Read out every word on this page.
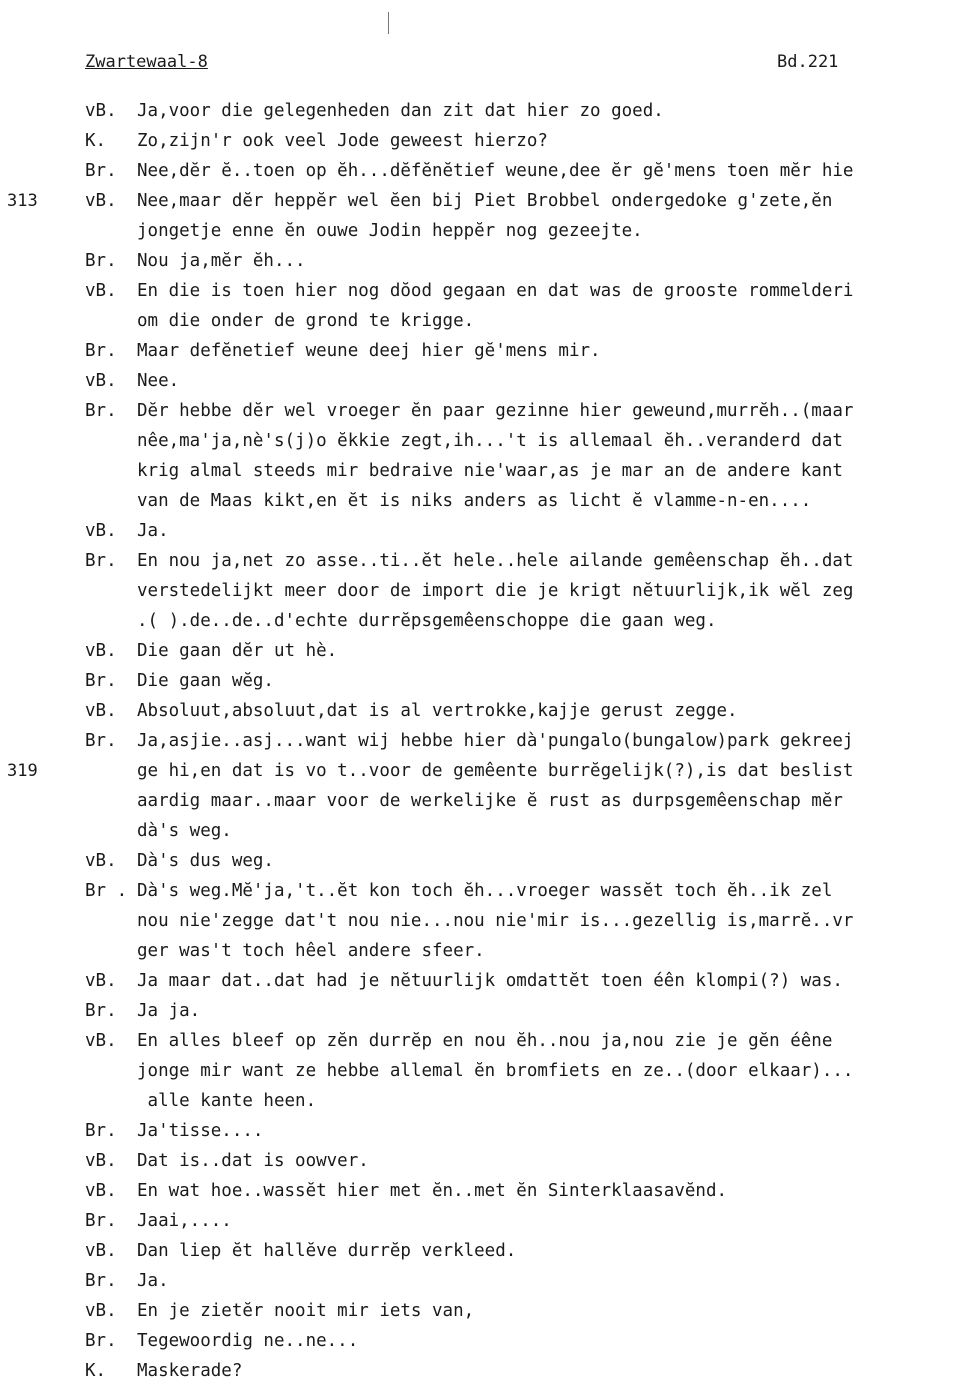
Zwartewaal-8	Bd.221
vB.	Ja,voor die gelegenheden dan zit dat hier zo goed.
K.	Zo,zijn'r ook veel Jode geweest hierzo?
Br.	Nee,dĕr ĕ..toen op ĕh...dĕfĕnĕtief weune,dee ĕr gĕ'mens toen mĕr hie
313	vB.	Nee,maar dĕr heppĕr wel ĕen bij Piet Brobbel ondergedoke g'zete,ĕn
jongetje enne ĕn ouwe Jodin heppĕr nog gezeejte.
Br.	Nou ja,mĕr ĕh...
vB.	En die is toen hier nog dŏod gegaan en dat was de grooste rommelderi
om die onder de grond te krigge.
Br.	Maar defĕnetief weune deej hier gĕ'mens mir.
vB.	Nee.
Br.	Dĕr hebbe dĕr wel vroeger ĕn paar gezinne hier geweund,murrĕh..(maar
nêe,ma'ja,nè's(j)o ĕkkie zegt,ih...'t is allemaal ĕh..veranderd dat
krig almal steeds mir bedraive nie'waar,as je mar an de andere kant
van de Maas kikt,en ĕt is niks anders as licht ĕ vlamme-n-en....
vB.	Ja.
Br.	En nou ja,net zo asse..ti..ĕt hele..hele ailande gemêenschap ĕh..dat
verstedelijkt meer door de import die je krigt nĕtuurlijk,ik wĕl zeg
.( ).de..de..d'echte durrĕpsgemêenschoppe die gaan weg.
vB.	Die gaan dĕr ut hè.
Br.	Die gaan wĕg.
vB.	Absoluut,absoluut,dat is al vertrokke,kajje gerust zegge.
Br.	Ja,asjie..asj...want wij hebbe hier dà'pungalo(bungalow)park gekreej
319	ge hi,en dat is vo t..voor de gemêente burrĕgelijk(?),is dat beslist
aardig maar..maar voor de werkelijke ĕ rust as durpsgemêenschap mĕr
dà's weg.
vB.	Dà's dus weg.
Br . Dà's weg.Mĕ'ja,'t..ĕt kon toch ĕh...vroeger wassĕt toch ĕh..ik zel
nou nie'zegge dat't nou nie...nou nie'mir is...gezellig is,marrĕ..vr
ger was't toch hêel andere sfeer.
vB.	Ja maar dat..dat had je nĕtuurlijk omdattĕt toen éên klompi(?) was.
Br.	Ja ja.
vB.	En alles bleef op zĕn durrĕp en nou ĕh..nou ja,nou zie je gĕn éêne
jonge mir want ze hebbe allemal ĕn bromfiets en ze..(door elkaar)...
alle kante heen.
Br.	Ja'tisse....
vB.	Dat is..dat is oowver.
vB.	En wat hoe..wassĕt hier met ĕn..met ĕn Sinterklaasavĕnd.
Br.	Jaai,....
vB.	Dan liep ĕt hallĕve durrĕp verkleed.
Br.	Ja.
vB.	En je zietĕr nooit mir iets van,
Br.	Tegewoordig ne..ne...
K.	Maskerade?
